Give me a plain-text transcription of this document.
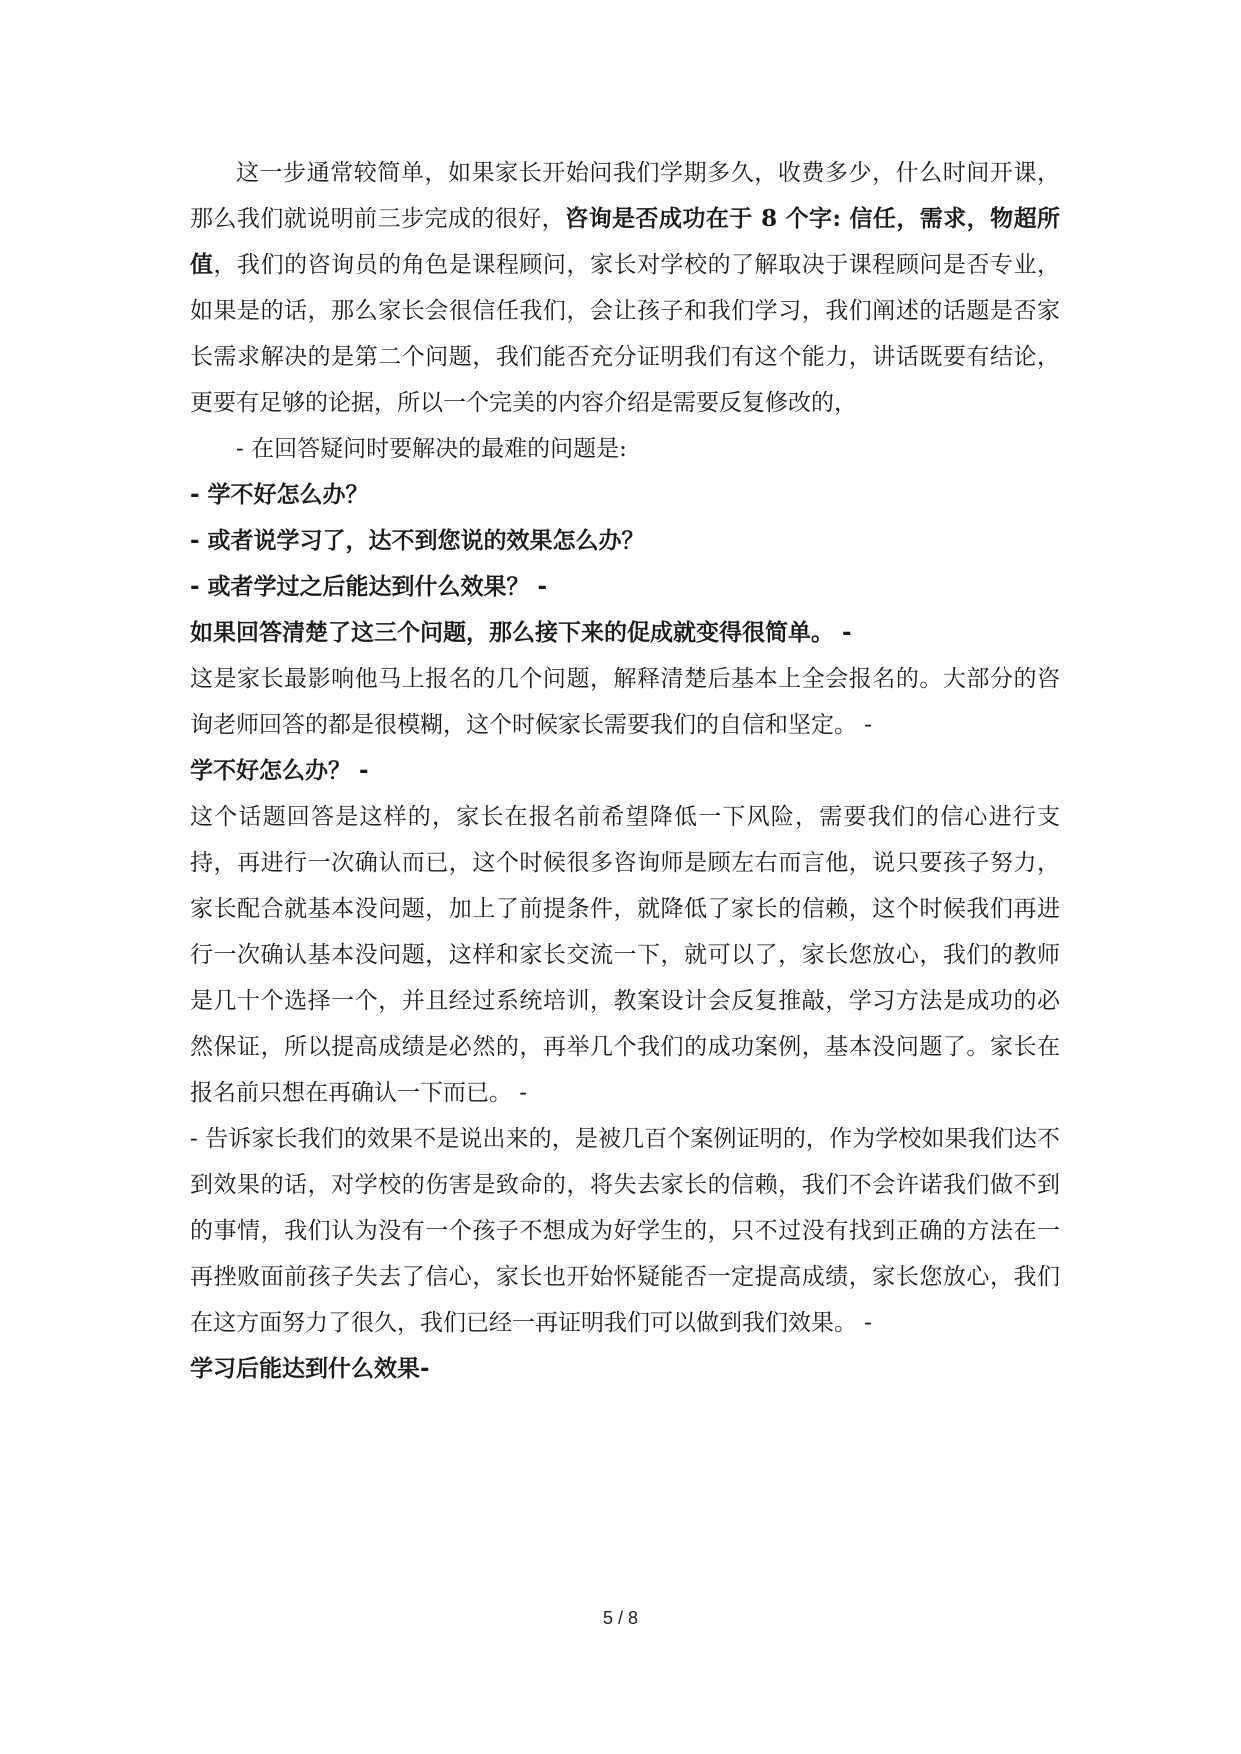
这一步通常较简单，如果家长开始问我们学期多久，收费多少，什么时间开课，那么我们就说明前三步完成的很好，咨询是否成功在于 8 个字: 信任，需求，物超所值，我们的咨询员的角色是课程顾问，家长对学校的了解取决于课程顾问是否专业，如果是的话，那么家长会很信任我们，会让孩子和我们学习，我们阐述的话题是否家长需求解决的是第二个问题，我们能否充分证明我们有这个能力，讲话既要有结论，更要有足够的论据，所以一个完美的内容介绍是需要反复修改的，

- 在回答疑问时要解决的最难的问题是:

- 学不好怎么办？

- 或者说学习了，达不到您说的效果怎么办？

- 或者学过之后能达到什么效果？ -

如果回答清楚了这三个问题，那么接下来的促成就变得很简单。 -

这是家长最影响他马上报名的几个问题，解释清楚后基本上全会报名的。大部分的咨询老师回答的都是很模糊，这个时候家长需要我们的自信和坚定。 -

学不好怎么办？ -

这个话题回答是这样的，家长在报名前希望降低一下风险，需要我们的信心进行支持，再进行一次确认而已，这个时候很多咨询师是顾左右而言他，说只要孩子努力，家长配合就基本没问题，加上了前提条件，就降低了家长的信赖，这个时候我们再进行一次确认基本没问题，这样和家长交流一下，就可以了，家长您放心，我们的教师是几十个选择一个，并且经过系统培训，教案设计会反复推敲，学习方法是成功的必然保证，所以提高成绩是必然的，再举几个我们的成功案例，基本没问题了。家长在报名前只想在再确认一下而已。 -

- 告诉家长我们的效果不是说出来的，是被几百个案例证明的，作为学校如果我们达不到效果的话，对学校的伤害是致命的，将失去家长的信赖，我们不会许诺我们做不到的事情，我们认为没有一个孩子不想成为好学生的，只不过没有找到正确的方法在一再挫败面前孩子失去了信心，家长也开始怀疑能否一定提高成绩，家长您放心，我们在这方面努力了很久，我们已经一再证明我们可以做到我们效果。 -

学习后能达到什么效果-

5 / 8
